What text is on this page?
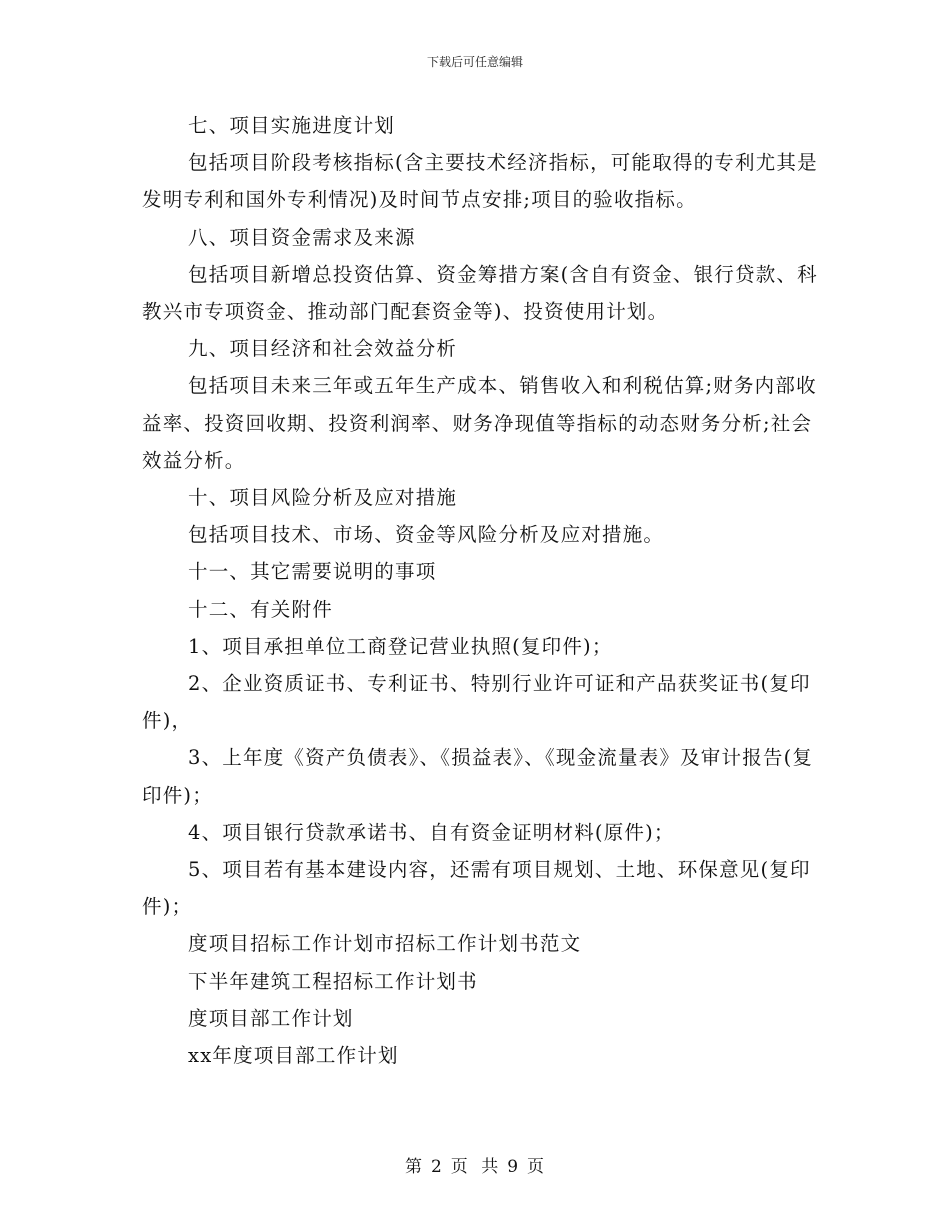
下载后可任意编辑

七、项目实施进度计划

包括项目阶段考核指标(含主要技术经济指标，可能取得的专利尤其是发明专利和国外专利情况)及时间节点安排;项目的验收指标。

八、项目资金需求及来源

包括项目新增总投资估算、资金筹措方案(含自有资金、银行贷款、科教兴市专项资金、推动部门配套资金等)、投资使用计划。

九、项目经济和社会效益分析

包括项目未来三年或五年生产成本、销售收入和利税估算;财务内部收益率、投资回收期、投资利润率、财务净现值等指标的动态财务分析;社会效益分析。

十、项目风险分析及应对措施

包括项目技术、市场、资金等风险分析及应对措施。

十一、其它需要说明的事项

十二、有关附件

1、项目承担单位工商登记营业执照(复印件)；

2、企业资质证书、专利证书、特别行业许可证和产品获奖证书(复印件)，

3、上年度《资产负债表》、《损益表》、《现金流量表》及审计报告(复印件)；

4、项目银行贷款承诺书、自有资金证明材料(原件)；

5、项目若有基本建设内容，还需有项目规划、土地、环保意见(复印件)；

度项目招标工作计划市招标工作计划书范文

下半年建筑工程招标工作计划书

度项目部工作计划

xx年度项目部工作计划

第 2 页 共 9 页
